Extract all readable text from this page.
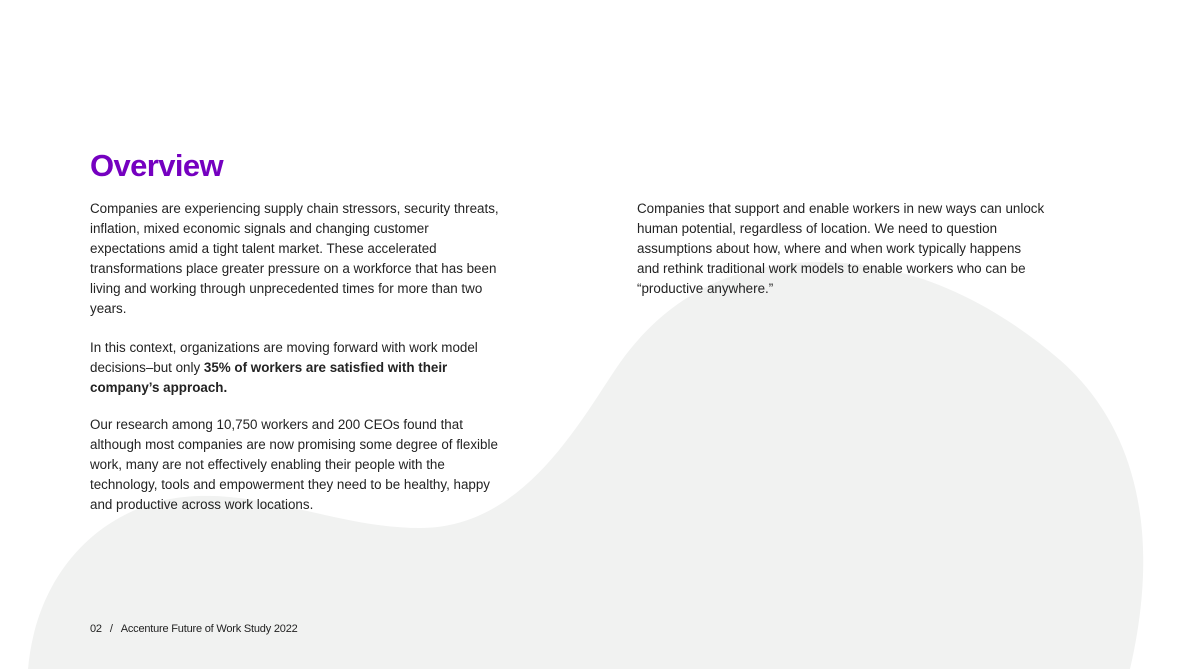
Overview

Companies are experiencing supply chain stressors, security threats, inflation, mixed economic signals and changing customer expectations amid a tight talent market. These accelerated transformations place greater pressure on a workforce that has been living and working through unprecedented times for more than two years.

In this context, organizations are moving forward with work model decisions–but only 35% of workers are satisfied with their company’s approach.

Our research among 10,750 workers and 200 CEOs found that although most companies are now promising some degree of flexible work, many are not effectively enabling their people with the technology, tools and empowerment they need to be healthy, happy and productive across work locations.

Companies that support and enable workers in new ways can unlock human potential, regardless of location. We need to question assumptions about how, where and when work typically happens and rethink traditional work models to enable workers who can be “productive anywhere.”

02 / Accenture Future of Work Study 2022
